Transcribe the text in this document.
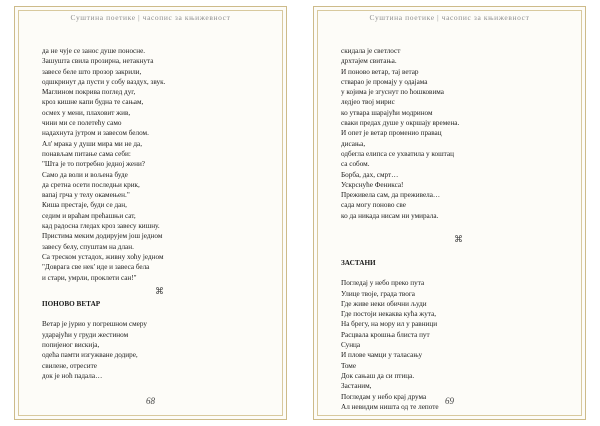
Суштина поетике | часопис за књижевност
да не чује се заноc душе понocне.
Зашушта свила прозирна, нетакнута
завесе беле што прозор закрили,
одшкринут да пусти у собу ваздух, звук.
Маглином покрива поглед дуг,
кроз кишне капи будна те сањам,
осмех у мени, плаховит жив,
чини ми се полетећу само
надахнута јутром и завесом белом.
Ал' мрака у души мира ми не да,
понављам питање сама себи:
"Шта је то потребно једној жени?
Само да воли и вољена буде
да сретна осети последњи крик,
вапај грча у телу окамењен."
Киша престаје, буди се дан,
седим и враћам прећашњи сат,
кад радосна гледах кроз завесу кишну.
Пристима меким додирујем још једном
завесу белу, спуштам на длан.
Са треском устадох, живну хоћу једном
"Доврага све нек' иде и завеса бела
и стари, умрли, проклети сан!"
⌘
ПОНОВО ВЕТАР
Ветар је јурио у погрешном смеру
ударајући у груди жестином
попијеног вискија,
одећа памти изгужване додире,
свилене, отресите
док је ноћ падала…
68
Суштина поетике | часопис за књижевност
скидала је светлост
дрхтајем свитања.
И поново ветар, тај ветар
стварао је промају у одајама
у којима је згуснут по ћошковима
ледјео твој мирис
ко утвара шарајући модрином
сваки предах душе у окршају времена.
И опет је ветар променио правац
дисања,
одбегла елипса се ухватила у коштац
са собом.
Борба, дах, смрт…
Ускрснуће Феникса!
Преживела сам, да преживела…
сада могу поново све
ко да никада нисам ни умирала.
⌘
ЗАСТАНИ
Погледај у небо преко пута
Улице твоје, града твога
Где живе неки обични људи
Где постоји некаква кућа жута,
На брегу, на мору ил у равници
Расцвала крошња блиста пут
Сунца
И плове чамци у таласању
Томе
Док сањаш да си птица.
Застаним,
Погледам у небо крај друма
Ал невидим ништа од те лепоте
69
